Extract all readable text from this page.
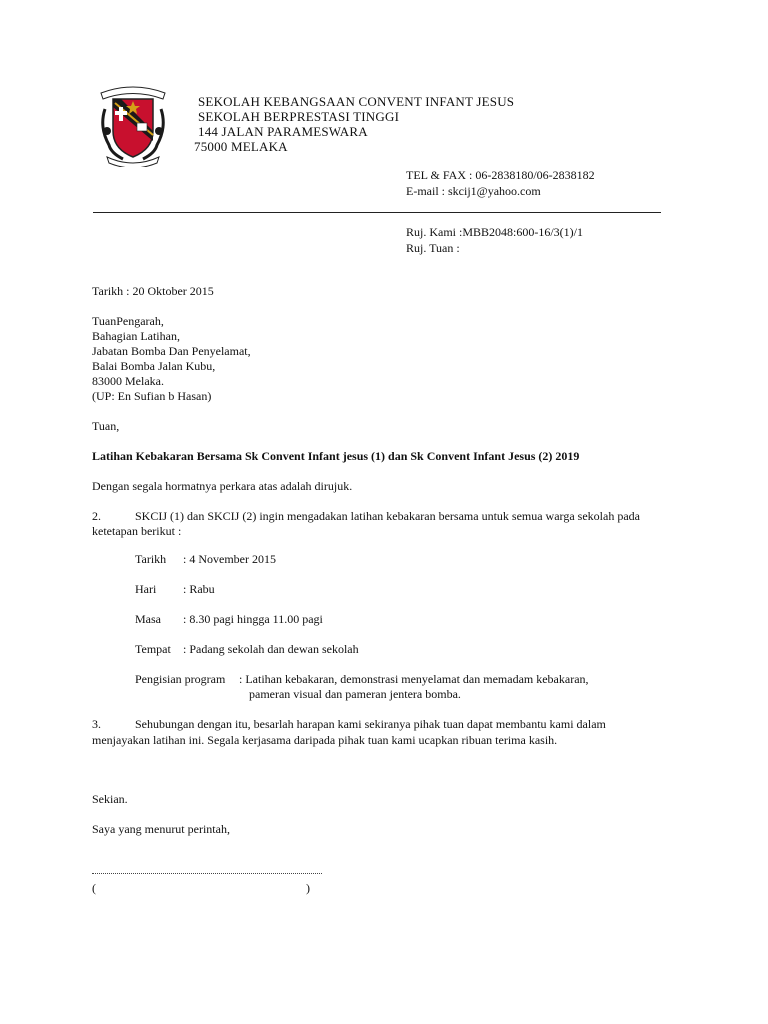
SEKOLAH KEBANGSAAN CONVENT INFANT JESUS
SEKOLAH BERPRESTASI TINGGI
144 JALAN PARAMESWARA
75000 MELAKA
TEL & FAX : 06-2838180/06-2838182
E-mail : skcij1@yahoo.com
Ruj. Kami :MBB2048:600-16/3(1)/1
Ruj. Tuan :
Tarikh : 20 Oktober 2015
TuanPengarah,
Bahagian Latihan,
Jabatan Bomba Dan Penyelamat,
Balai Bomba Jalan Kubu,
83000 Melaka.
(UP: En Sufian b Hasan)
Tuan,
Latihan Kebakaran Bersama Sk Convent Infant jesus (1) dan Sk Convent Infant Jesus (2) 2019
Dengan segala hormatnya perkara atas adalah dirujuk.
2.	SKCIJ (1) dan SKCIJ (2) ingin mengadakan latihan kebakaran bersama untuk semua warga sekolah pada
ketetapan berikut :
Tarikh : 4 November 2015
Hari : Rabu
Masa : 8.30 pagi hingga 11.00 pagi
Tempat : Padang sekolah dan dewan sekolah
Pengisian program : Latihan kebakaran, demonstrasi menyelamat dan memadam kebakaran,
pameran visual dan pameran jentera bomba.
3.	Sehubungan dengan itu, besarlah harapan kami sekiranya pihak tuan dapat membantu kami dalam
menjayakan latihan ini. Segala kerjasama daripada pihak tuan kami ucapkan ribuan terima kasih.
Sekian.
Saya yang menurut perintah,
(	)
